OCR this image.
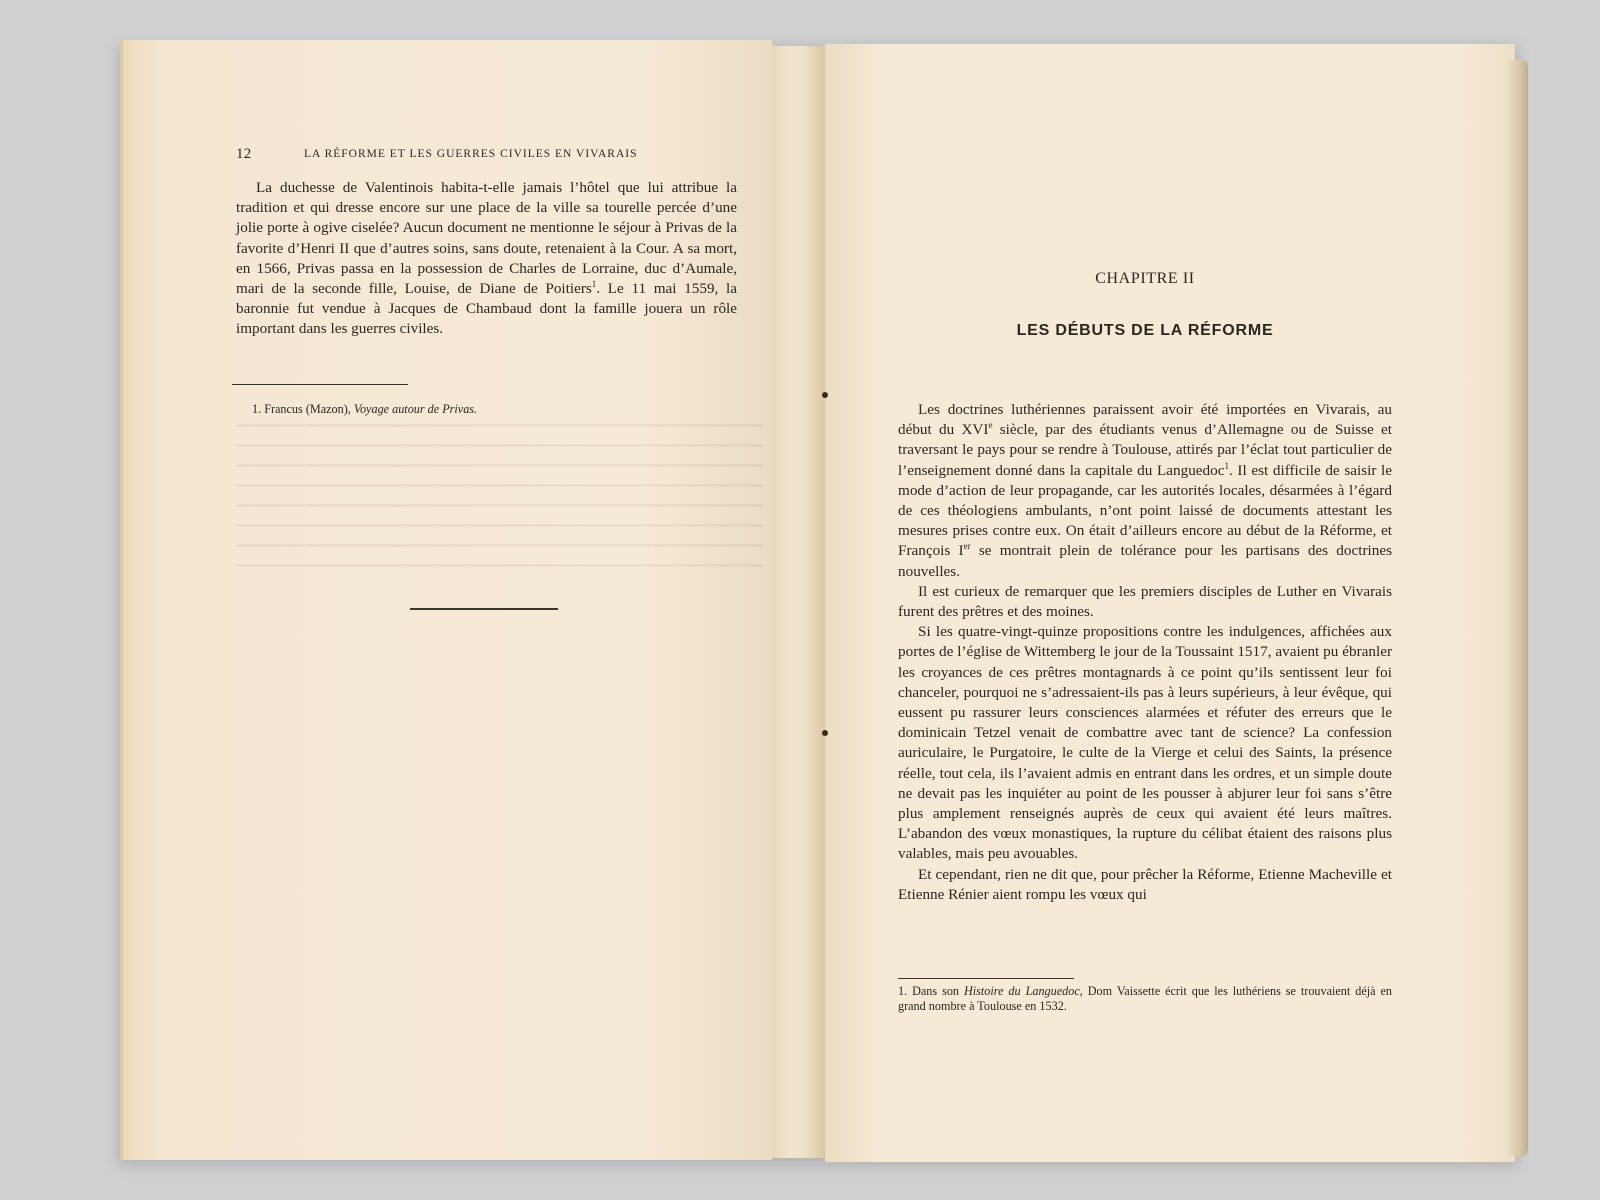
12	LA RÉFORME ET LES GUERRES CIVILES EN VIVARAIS

La duchesse de Valentinois habita-t-elle jamais l’hôtel que lui attribue la tradition et qui dresse encore sur une place de la ville sa tourelle percée d’une jolie porte à ogive ciselée? Aucun document ne mentionne le séjour à Privas de la favorite d’Henri II que d’autres soins, sans doute, retenaient à la Cour. A sa mort, en 1566, Privas passa en la possession de Charles de Lorraine, duc d’Aumale, mari de la seconde fille, Louise, de Diane de Poitiers$^1$. Le 11 mai 1559, la baronnie fut vendue à Jacques de Chambaud dont la famille jouera un rôle important dans les guerres civiles.

1. Francus (Mazon), Voyage autour de Privas.
CHAPITRE II
LES DÉBUTS DE LA RÉFORME

Les doctrines luthériennes paraissent avoir été importées en Vivarais, au début du XVIe siècle, par des étudiants venus d’Allemagne ou de Suisse et traversant le pays pour se rendre à Toulouse, attirés par l’éclat tout particulier de l’enseignement donné dans la capitale du Languedoc$^1$. Il est difficile de saisir le mode d’action de leur propagande, car les autorités locales, désarmées à l’égard de ces théologiens ambulants, n’ont point laissé de documents attestant les mesures prises contre eux. On était d’ailleurs encore au début de la Réforme, et François Ier se montrait plein de tolérance pour les partisans des doctrines nouvelles.

Il est curieux de remarquer que les premiers disciples de Luther en Vivarais furent des prêtres et des moines.

Si les quatre-vingt-quinze propositions contre les indulgences, affichées aux portes de l’église de Wittemberg le jour de la Toussaint 1517, avaient pu ébranler les croyances de ces prêtres montagnards à ce point qu’ils sentissent leur foi chanceler, pourquoi ne s’adressaient-ils pas à leurs supérieurs, à leur évêque, qui eussent pu rassurer leurs consciences alarmées et réfuter des erreurs que le dominicain Tetzel venait de combattre avec tant de science? La confession auriculaire, le Purgatoire, le culte de la Vierge et celui des Saints, la présence réelle, tout cela, ils l’avaient admis en entrant dans les ordres, et un simple doute ne devait pas les inquiéter au point de les pousser à abjurer leur foi sans s’être plus amplement renseignés auprès de ceux qui avaient été leurs maîtres. L’abandon des vœux monastiques, la rupture du célibat étaient des raisons plus valables, mais peu avouables.

Et cependant, rien ne dit que, pour prêcher la Réforme, Etienne Macheville et Etienne Rénier aient rompu les vœux qui

1. Dans son Histoire du Languedoc, Dom Vaissette écrit que les luthériens se trouvaient déjà en grand nombre à Toulouse en 1532.
